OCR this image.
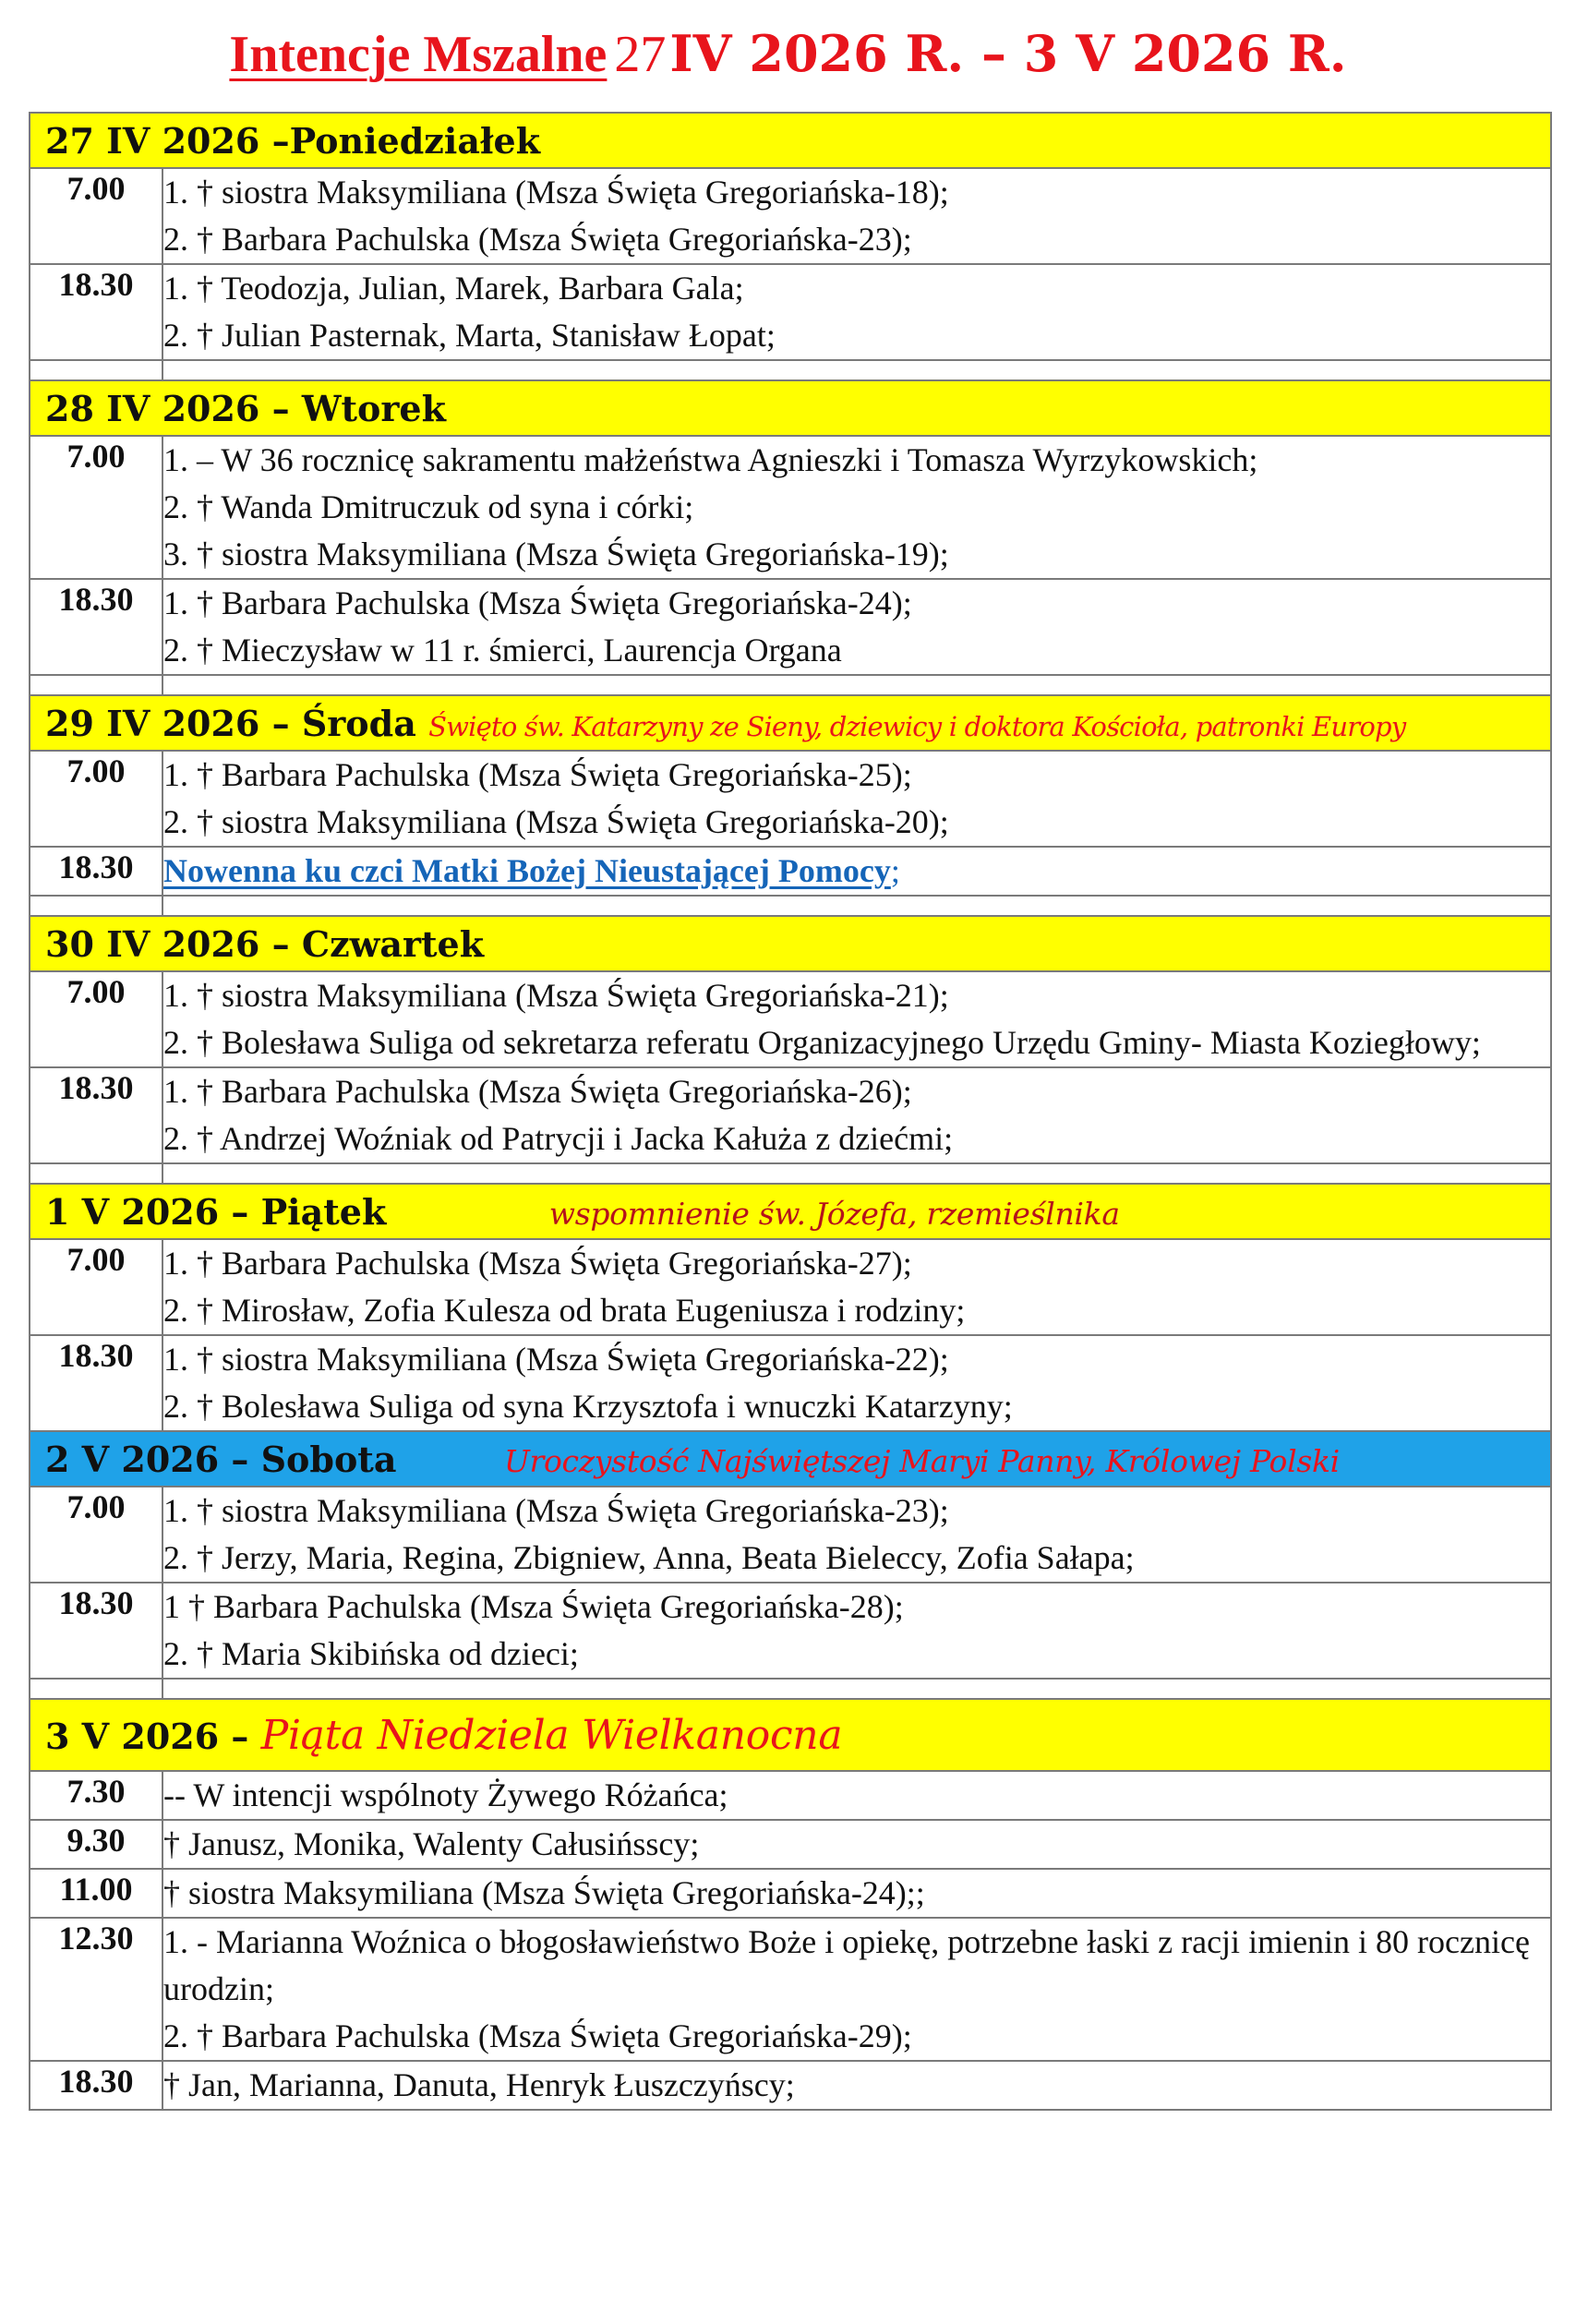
Intencje Mszalne 27 IV 2026 R. – 3 V 2026 R.
27 IV 2026 –Poniedziałek	
7.00	1. † siostra Maksymiliana (Msza Święta Gregoriańska-18);
2. † Barbara Pachulska (Msza Święta Gregoriańska-23);

18.30	1. † Teodozja, Julian, Marek, Barbara Gala;
2. † Julian Pasternak, Marta, Stanisław Łopat;

28 IV 2026 – Wtorek	
7.00	1. – W 36 rocznicę sakramentu małżeństwa Agnieszki i Tomasza Wyrzykowskich;
2. † Wanda Dmitruczuk od syna i córki;
3. † siostra Maksymiliana (Msza Święta Gregoriańska-19);

18.30	1. † Barbara Pachulska (Msza Święta Gregoriańska-24);
2. † Mieczysław w 11 r. śmierci, Laurencja Organa

29 IV 2026 – Środa Święto św. Katarzyny ze Sieny, dziewicy i doktora Kościoła, patronki Europy	
7.00	1. † Barbara Pachulska (Msza Święta Gregoriańska-25);
2. † siostra Maksymiliana (Msza Święta Gregoriańska-20);

18.30	Nowenna ku czci Matki Bożej Nieustającej Pomocy;

30 IV 2026 – Czwartek	
7.00	1. † siostra Maksymiliana (Msza Święta Gregoriańska-21);
2. † Bolesława Suliga od sekretarza referatu Organizacyjnego Urzędu Gminy- Miasta Koziegłowy;

18.30	1. † Barbara Pachulska (Msza Święta Gregoriańska-26);
2. † Andrzej Woźniak od Patrycji i Jacka Kałuża z dziećmi;

1 V 2026 – Piątek wspomnienie św. Józefa, rzemieślnika	
7.00	1. † Barbara Pachulska (Msza Święta Gregoriańska-27);
2. † Mirosław, Zofia Kulesza od brata Eugeniusza i rodziny;

18.30	1. † siostra Maksymiliana (Msza Święta Gregoriańska-22);
2. † Bolesława Suliga od syna Krzysztofa i wnuczki Katarzyny;

2 V 2026 – Sobota Uroczystość Najświętszej Maryi Panny, Królowej Polski	
7.00	1. † siostra Maksymiliana (Msza Święta Gregoriańska-23);
2. † Jerzy, Maria, Regina, Zbigniew, Anna, Beata Bieleccy, Zofia Sałapa;

18.30	1 † Barbara Pachulska (Msza Święta Gregoriańska-28);
2. † Maria Skibińska od dzieci;

3 V 2026 – Piąta Niedziela Wielkanocna	
7.30	-- W intencji wspólnoty Żywego Różańca;

9.30	† Janusz, Monika, Walenty Całusińsscy;

11.00	† siostra Maksymiliana (Msza Święta Gregoriańska-24);;

12.30	1. - Marianna Woźnica o błogosławieństwo Boże i opiekę, potrzebne łaski z racji imienin i 80 rocznicę urodzin;
2. † Barbara Pachulska (Msza Święta Gregoriańska-29);

18.30	† Jan, Marianna, Danuta, Henryk Łuszczyńscy;
